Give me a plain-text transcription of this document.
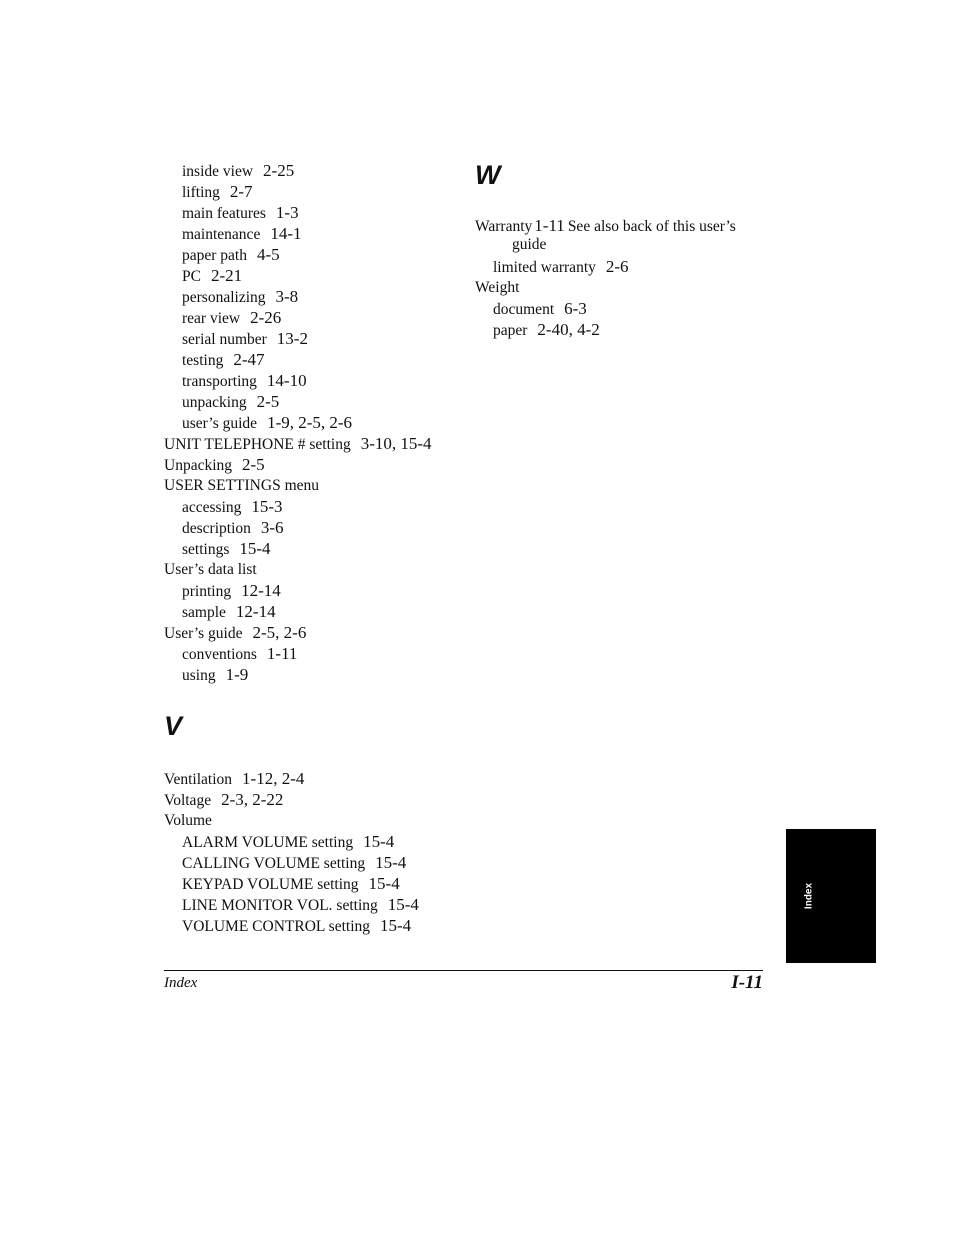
inside view 2-25
lifting 2-7
main features 1-3
maintenance 14-1
paper path 4-5
PC 2-21
personalizing 3-8
rear view 2-26
serial number 13-2
testing 2-47
transporting 14-10
unpacking 2-5
user’s guide 1-9, 2-5, 2-6
UNIT TELEPHONE # setting 3-10, 15-4
Unpacking 2-5
USER SETTINGS menu
accessing 15-3
description 3-6
settings 15-4
User’s data list
printing 12-14
sample 12-14
User’s guide 2-5, 2-6
conventions 1-11
using 1-9
V
Ventilation 1-12, 2-4
Voltage 2-3, 2-22
Volume
ALARM VOLUME setting 15-4
CALLING VOLUME setting 15-4
KEYPAD VOLUME setting 15-4
LINE MONITOR VOL. setting 15-4
VOLUME CONTROL setting 15-4
W
Warranty 1-11 See also back of this user’s
guide
limited warranty 2-6
Weight
document 6-3
paper 2-40, 4-2
Index	I-11
Index
